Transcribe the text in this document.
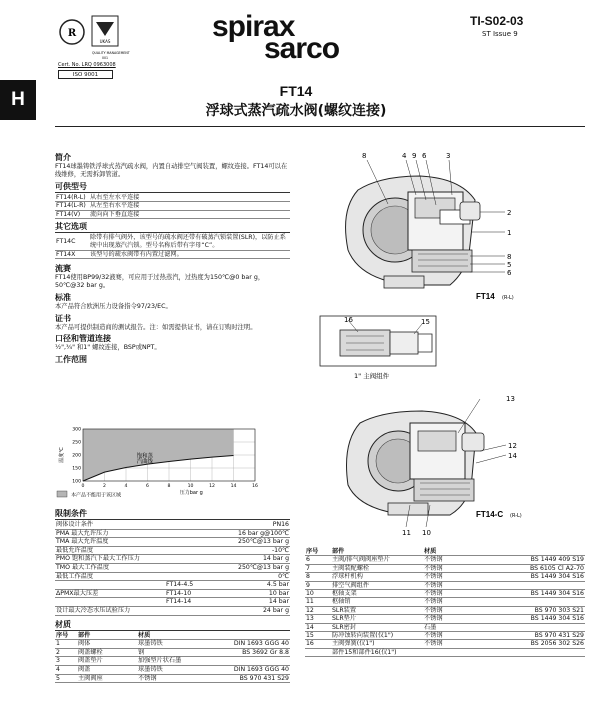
R
UKAS
QUALITY MANAGEMENT
001
Cert. No. LRQ 0963008
ISO 9001
spirax
sarco
TI-S02-03
ST Issue 9
H	FT14
浮球式蒸汽疏水阀(螺纹连接)
简介
FT14球墨铸铁浮球式蒸汽疏水阀，内置自动排空气阀装置，螺纹连接。FT14可以在线维修，无需拆卸管道。
可供型号
FT14(R-L)	从右至左水平连接
FT14(L-R)	从左至右水平连接
FT14(V)	流向向下垂直连接
其它选项
FT14C	除带有排气阀外，该型号的疏水阀还带有破蒸汽锁装置(SLR)，以防止系统中出现蒸汽汽锁。型号名称后带有字母“C”。
FT14X	该型号的疏水阀带有内置过滤网。
流赛
FT14使用BP99/32液赛，可应用于过热蒸汽，过热度为150℃@0 bar g，50℃@32 bar g。
标准
本产品符合欧洲压力设备指令97/23/EC。
证书
本产品可提供制造商的测试报告。注：如需提供证书，请在订购时注明。
口径和管道连接
½",¾" 和1" 螺纹连接，BSP或NPT。
工作范围
0	2	4	6	8	10	12	14	16
300
250
200
150
100
温度℃	饱和蒸
汽曲线
本产品不能用于该区域	压力bar g
限制条件
阀体设计条件		PN16
PMA 最大允许压力		16 bar g@100℃
TMA 最大允许温度		250℃@13 bar g
最低允许温度		-10℃
PMO 饱和蒸汽下最大工作压力		14 bar g
TMO 最大工作温度		250℃@13 bar g
最低工作温度		0℃
	FT14-4.5	4.5 bar
ΔPMX最大压差	FT14-10	10 bar
	FT14-14	14 bar
设计最大冷态水压试验压力		24 bar g
材质
序号	部件	材质	
1	阀体	球墨铸铁	DIN 1693 GGG 40
2	阀盖螺栓	钢	BS 3692 Gr 8.8
3	阀盖垫片	加强型片状石墨	
4	阀盖	球墨铸铁	DIN 1693 GGG 40
5	主阀阀座	不锈钢	BS 970 431 S29
8	4 9 6	3
2
1
8
5
6
FT14 (R-L)
16	15
1" 主阀组件
13
12
14
11 10
FT14-C (R-L)
序号	部件	材质	
6	主阀/排气阀阀座垫片	不锈钢	BS 1449 409 S19
7	主阀装配螺栓	不锈钢	BS 6105 Cl A2-70
8	浮球杆机构	不锈钢	BS 1449 304 S16
9	排空气阀组件	不锈钢	
10	枢轴支架	不锈钢	BS 1449 304 S16
11	枢轴销	不锈钢	
12	SLR装置	不锈钢	BS 970 303 S21
13	SLR垫片	不锈钢	BS 1449 304 S16
14	SLR密封	石墨	
15	防冲蚀转向装置(仅1")	不锈钢	BS 970 431 S29
16	主阀弹簧(仅1")	不锈钢	BS 2056 302 S26
	部件15和部件16(仅1")		
